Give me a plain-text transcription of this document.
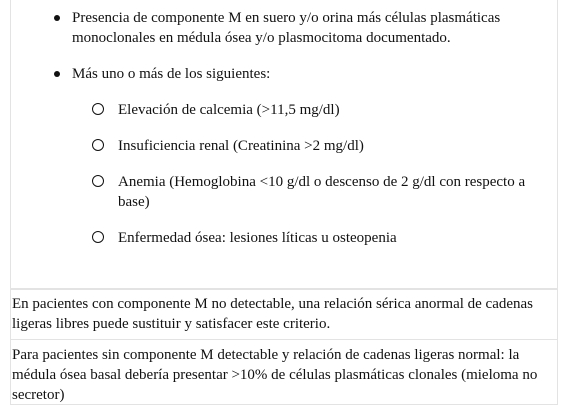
Presencia de componente M en suero y/o orina más células plasmáticas monoclonales en médula ósea y/o plasmocitoma documentado.
Más uno o más de los siguientes:
Elevación de calcemia (>11,5 mg/dl)
Insuficiencia renal (Creatinina >2 mg/dl)
Anemia (Hemoglobina <10 g/dl o descenso de 2 g/dl con respecto a base)
Enfermedad ósea: lesiones líticas u osteopenia
En pacientes con componente M no detectable, una relación sérica anormal de cadenas ligeras libres puede sustituir y satisfacer este criterio.
Para pacientes sin componente M detectable y relación de cadenas ligeras normal: la médula ósea basal debería presentar >10% de células plasmáticas clonales (mieloma no secretor)
